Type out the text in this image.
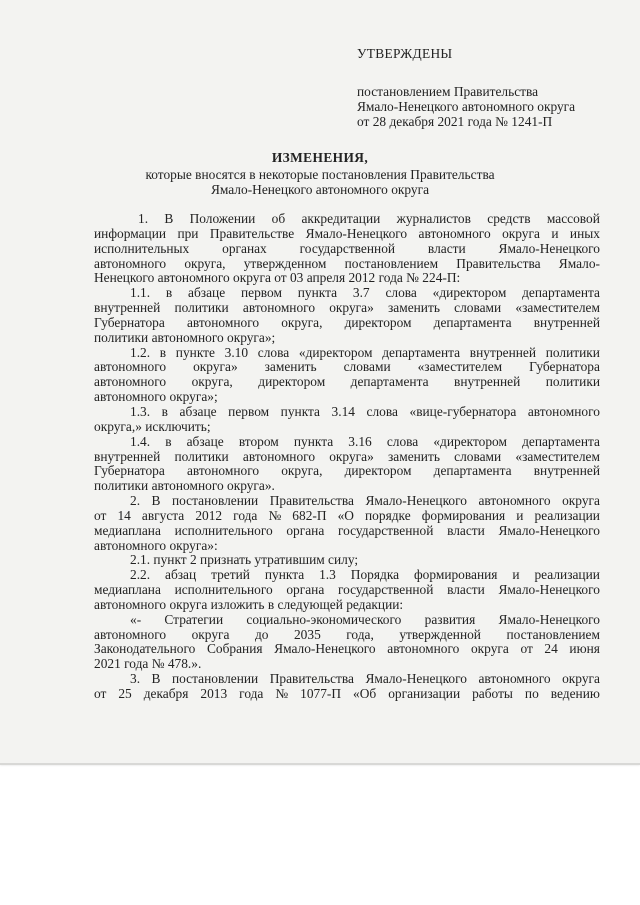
УТВЕРЖДЕНЫ
постановлением Правительства
Ямало-Ненецкого автономного округа
от 28 декабря 2021 года № 1241-П
ИЗМЕНЕНИЯ,
которые вносятся в некоторые постановления Правительства
Ямало-Ненецкого автономного округа
1. В Положении об аккредитации журналистов средств массовой
информации при Правительстве Ямало-Ненецкого автономного округа и иных
исполнительных органах государственной власти Ямало-Ненецкого
автономного округа, утвержденном постановлением Правительства Ямало-
Ненецкого автономного округа от 03 апреля 2012 года № 224-П:
1.1. в абзаце первом пункта 3.7 слова «директором департамента
внутренней политики автономного округа» заменить словами «заместителем
Губернатора автономного округа, директором департамента внутренней
политики автономного округа»;
1.2. в пункте 3.10 слова «директором департамента внутренней политики
автономного округа» заменить словами «заместителем Губернатора
автономного округа, директором департамента внутренней политики
автономного округа»;
1.3. в абзаце первом пункта 3.14 слова «вице-губернатора автономного
округа,» исключить;
1.4. в абзаце втором пункта 3.16 слова «директором департамента
внутренней политики автономного округа» заменить словами «заместителем
Губернатора автономного округа, директором департамента внутренней
политики автономного округа».
2. В постановлении Правительства Ямало-Ненецкого автономного округа
от 14 августа 2012 года № 682-П «О порядке формирования и реализации
медиаплана исполнительного органа государственной власти Ямало-Ненецкого
автономного округа»:
2.1. пункт 2 признать утратившим силу;
2.2. абзац третий пункта 1.3 Порядка формирования и реализации
медиаплана исполнительного органа государственной власти Ямало-Ненецкого
автономного округа изложить в следующей редакции:
«- Стратегии социально-экономического развития Ямало-Ненецкого
автономного округа до 2035 года, утвержденной постановлением
Законодательного Собрания Ямало-Ненецкого автономного округа от 24 июня
2021 года № 478.».
3. В постановлении Правительства Ямало-Ненецкого автономного округа
от 25 декабря 2013 года № 1077-П «Об организации работы по ведению
